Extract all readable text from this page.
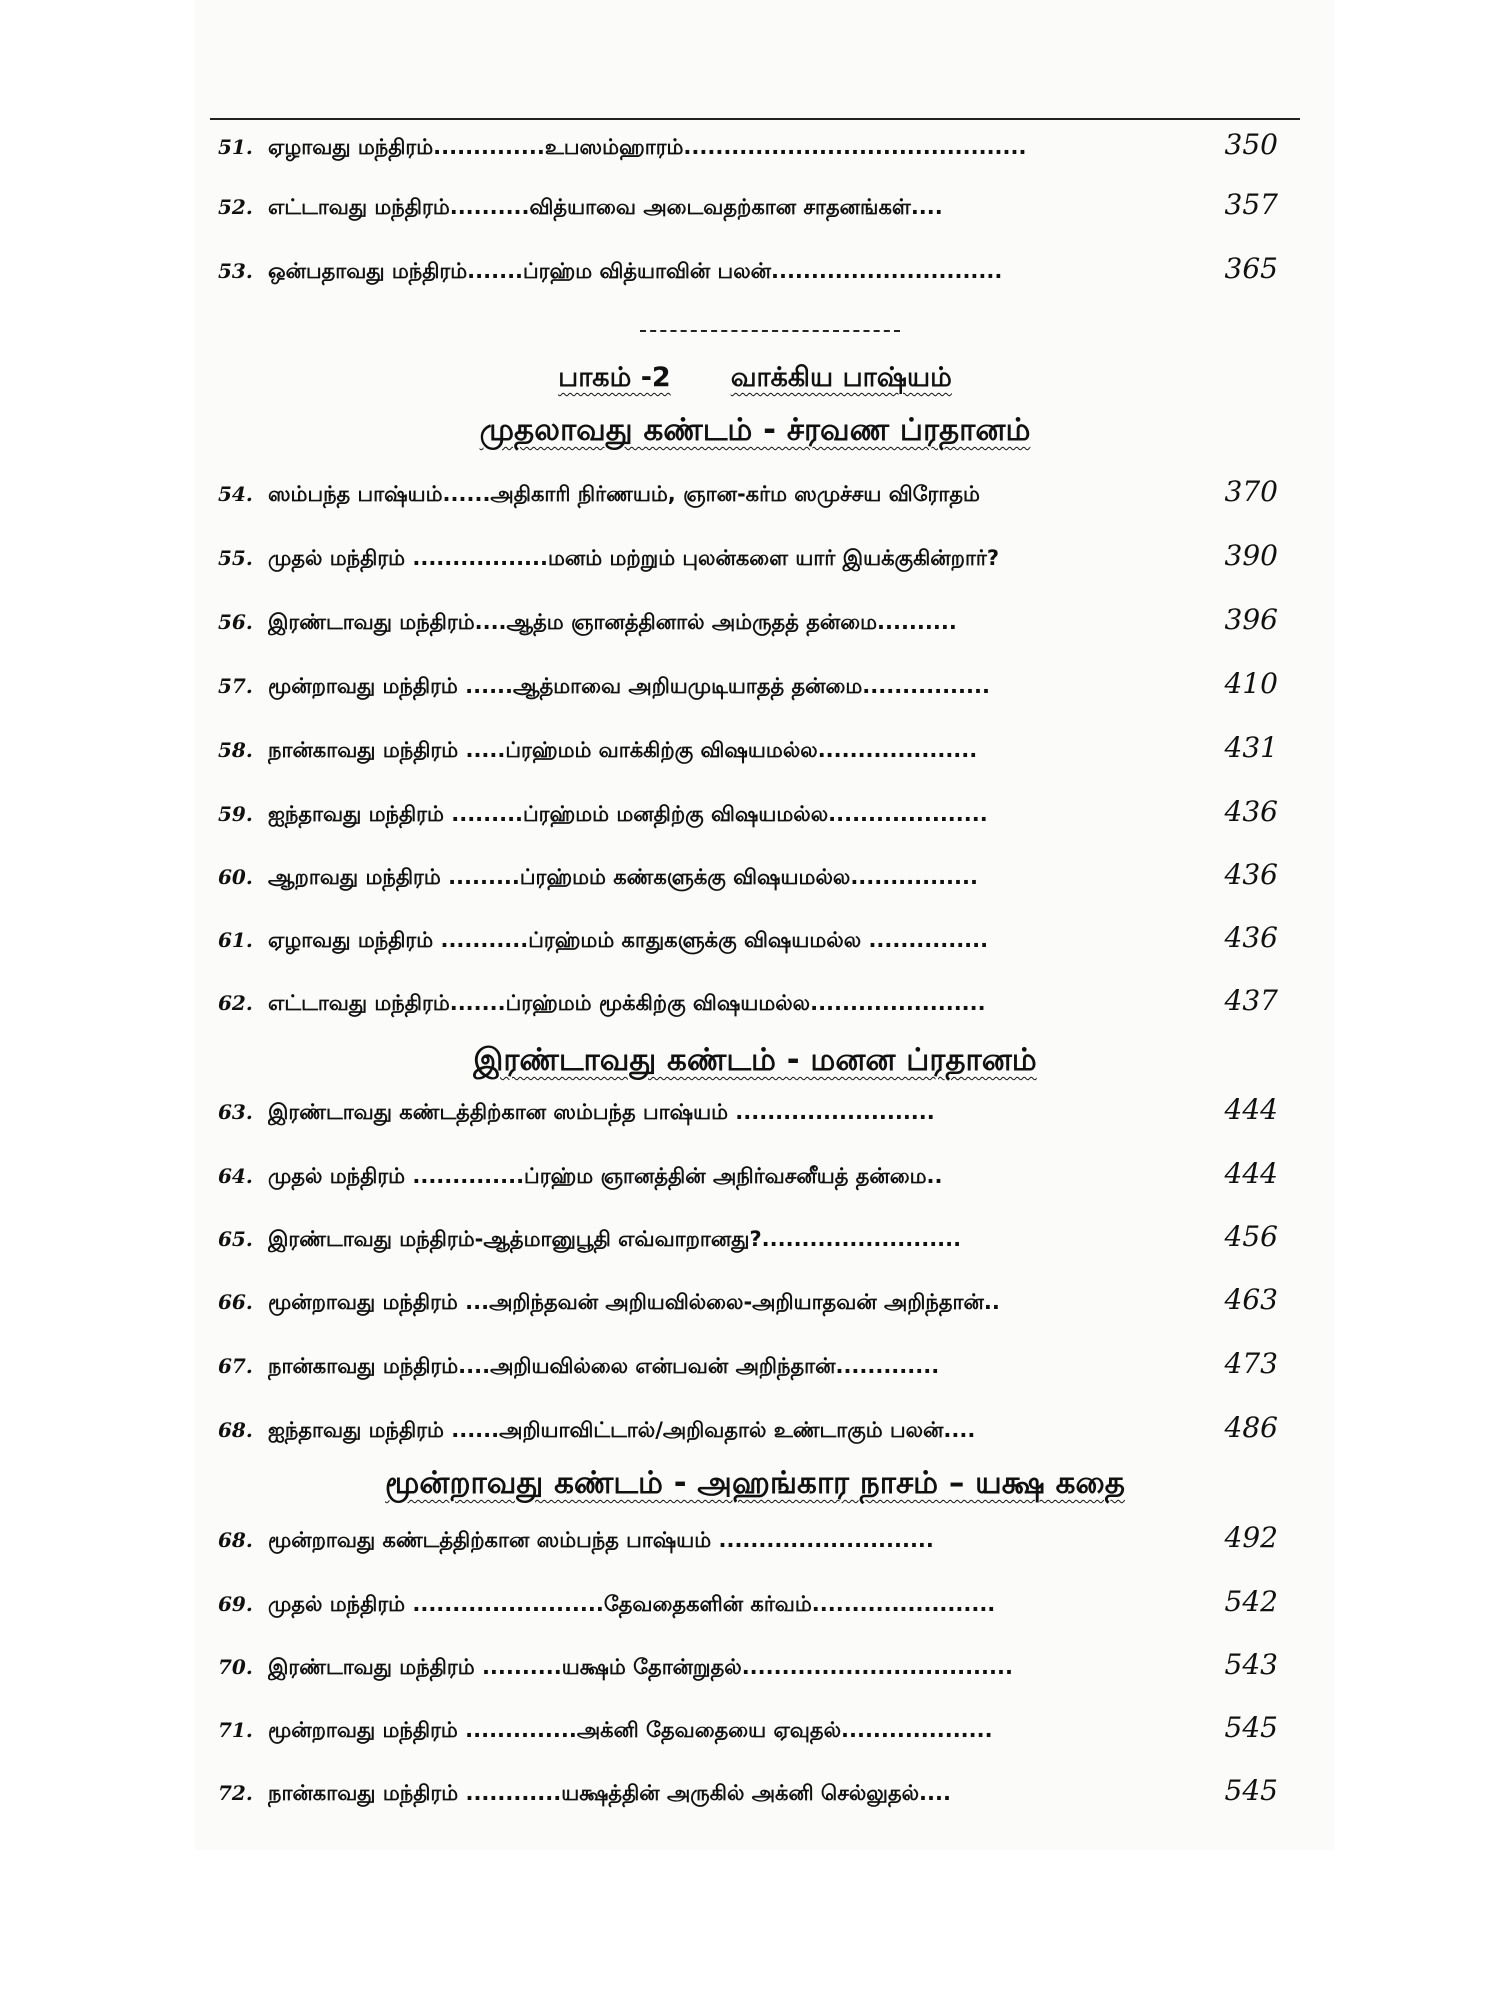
51. ஏழாவது மந்திரம்..............உபஸம்ஹாரம்...........................................	350
52. எட்டாவது மந்திரம்..........வித்யாவை அடைவதற்கான சாதனங்கள்....	357
53. ஒன்பதாவது மந்திரம்.......ப்ரஹ்ம வித்யாவின் பலன்.............................	365
பாகம் -2 வாக்கிய பாஷ்யம்
முதலாவது கண்டம் - ச்ரவண ப்ரதானம்
54. ஸம்பந்த பாஷ்யம்......அதிகாரி நிர்ணயம், ஞான-கர்ம ஸமுச்சய விரோதம்	370
55. முதல் மந்திரம் .................மனம் மற்றும் புலன்களை யார் இயக்குகின்றார்?	390
56. இரண்டாவது மந்திரம்....ஆத்ம ஞானத்தினால் அம்ருதத் தன்மை..........	396
57. மூன்றாவது மந்திரம் ......ஆத்மாவை அறியமுடியாதத் தன்மை................	410
58. நான்காவது மந்திரம் .....ப்ரஹ்மம் வாக்கிற்கு விஷயமல்ல....................	431
59. ஐந்தாவது மந்திரம் .........ப்ரஹ்மம் மனதிற்கு விஷயமல்ல....................	436
60. ஆறாவது மந்திரம் .........ப்ரஹ்மம் கண்களுக்கு விஷயமல்ல................	436
61. ஏழாவது மந்திரம் ...........ப்ரஹ்மம் காதுகளுக்கு விஷயமல்ல ...............	436
62. எட்டாவது மந்திரம்.......ப்ரஹ்மம் மூக்கிற்கு விஷயமல்ல......................	437
இரண்டாவது கண்டம் - மனன ப்ரதானம்
63. இரண்டாவது கண்டத்திற்கான ஸம்பந்த பாஷ்யம் .........................	444
64. முதல் மந்திரம் ..............ப்ரஹ்ம ஞானத்தின் அநிர்வசனீயத் தன்மை..	444
65. இரண்டாவது மந்திரம்-ஆத்மானுபூதி எவ்வாறானது?.........................	456
66. மூன்றாவது மந்திரம் ...அறிந்தவன் அறியவில்லை-அறியாதவன் அறிந்தான்..	463
67. நான்காவது மந்திரம்....அறியவில்லை என்பவன் அறிந்தான்.............	473
68. ஐந்தாவது மந்திரம் ......அறியாவிட்டால்/அறிவதால் உண்டாகும் பலன்....	486
மூன்றாவது கண்டம் - அஹங்கார நாசம் – யக்ஷ கதை
68. மூன்றாவது கண்டத்திற்கான ஸம்பந்த பாஷ்யம் ...........................	492
69. முதல் மந்திரம் ........................தேவதைகளின் கர்வம்.......................	542
70. இரண்டாவது மந்திரம் ..........யக்ஷம் தோன்றுதல்..................................	543
71. மூன்றாவது மந்திரம் ..............அக்னி தேவதையை ஏவுதல்...................	545
72. நான்காவது மந்திரம் ............யக்ஷத்தின் அருகில் அக்னி செல்லுதல்....	545
